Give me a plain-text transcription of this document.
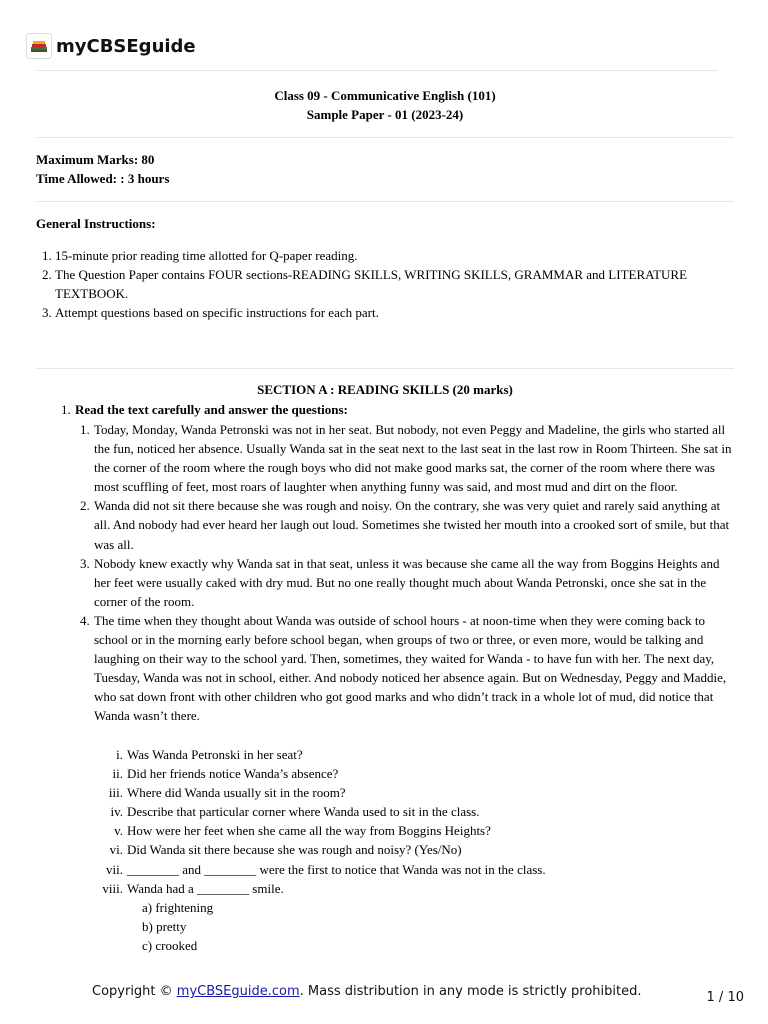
myCBSEguide
Class 09 - Communicative English (101)
Sample Paper - 01 (2023-24)
Maximum Marks: 80
Time Allowed: : 3 hours
General Instructions:
1. 15-minute prior reading time allotted for Q-paper reading.
2. The Question Paper contains FOUR sections-READING SKILLS, WRITING SKILLS, GRAMMAR and LITERATURE TEXTBOOK.
3. Attempt questions based on specific instructions for each part.
SECTION A : READING SKILLS (20 marks)
1. Read the text carefully and answer the questions:
1. Today, Monday, Wanda Petronski was not in her seat. But nobody, not even Peggy and Madeline, the girls who started all the fun, noticed her absence. Usually Wanda sat in the seat next to the last seat in the last row in Room Thirteen. She sat in the corner of the room where the rough boys who did not make good marks sat, the corner of the room where there was most scuffling of feet, most roars of laughter when anything funny was said, and most mud and dirt on the floor.
2. Wanda did not sit there because she was rough and noisy. On the contrary, she was very quiet and rarely said anything at all. And nobody had ever heard her laugh out loud. Sometimes she twisted her mouth into a crooked sort of smile, but that was all.
3. Nobody knew exactly why Wanda sat in that seat, unless it was because she came all the way from Boggins Heights and her feet were usually caked with dry mud. But no one really thought much about Wanda Petronski, once she sat in the corner of the room.
4. The time when they thought about Wanda was outside of school hours - at noon-time when they were coming back to school or in the morning early before school began, when groups of two or three, or even more, would be talking and laughing on their way to the school yard. Then, sometimes, they waited for Wanda - to have fun with her. The next day, Tuesday, Wanda was not in school, either. And nobody noticed her absence again. But on Wednesday, Peggy and Maddie, who sat down front with other children who got good marks and who didn’t track in a whole lot of mud, did notice that Wanda wasn’t there.
i. Was Wanda Petronski in her seat?
ii. Did her friends notice Wanda’s absence?
iii. Where did Wanda usually sit in the room?
iv. Describe that particular corner where Wanda used to sit in the class.
v. How were her feet when she came all the way from Boggins Heights?
vi. Did Wanda sit there because she was rough and noisy? (Yes/No)
vii. ________ and ________ were the first to notice that Wanda was not in the class.
viii. Wanda had a ________ smile.
a) frightening
b) pretty
c) crooked
Copyright © myCBSEguide.com. Mass distribution in any mode is strictly prohibited.	1 / 10
